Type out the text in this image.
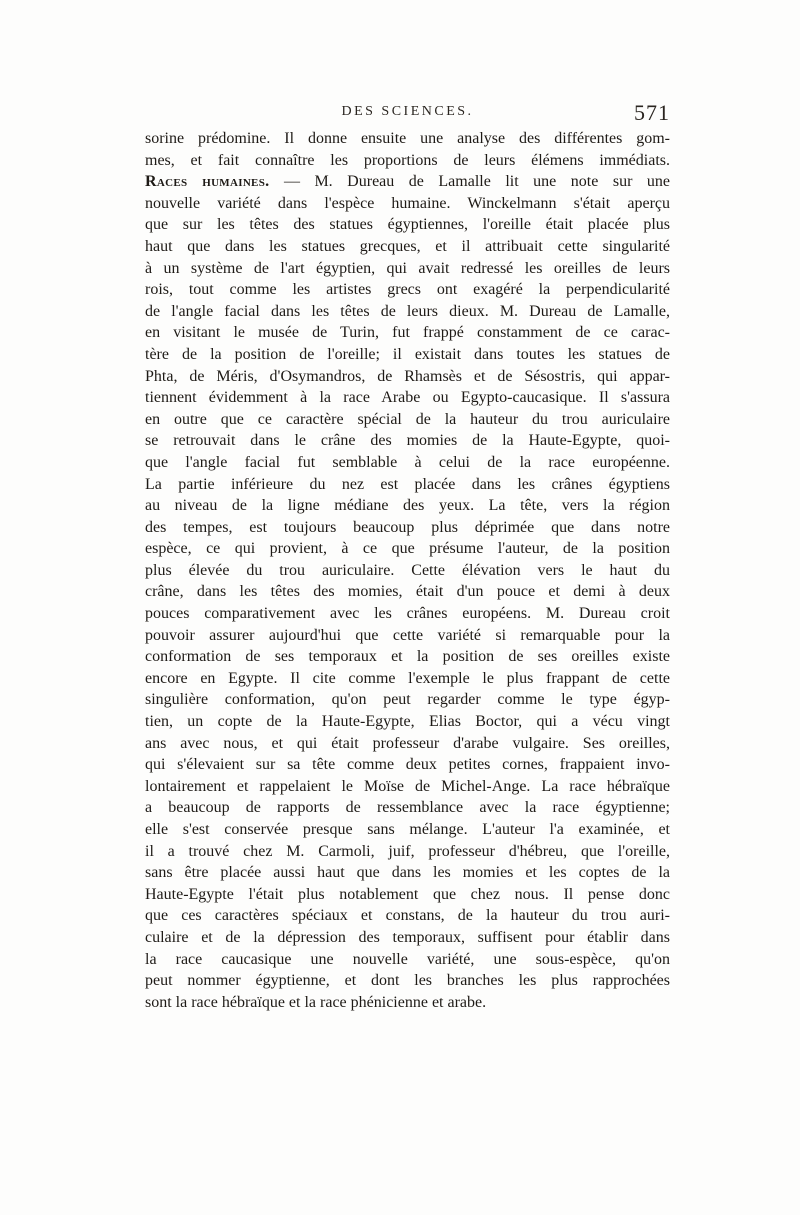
DES SCIENCES.	571
sorine prédomine. Il donne ensuite une analyse des différentes gom-
mes, et fait connaître les proportions de leurs élémens immédiats.
Races humaines. — M. Dureau de Lamalle lit une note sur une
nouvelle variété dans l'espèce humaine. Winckelmann s'était aperçu
que sur les têtes des statues égyptiennes, l'oreille était placée plus
haut que dans les statues grecques, et il attribuait cette singularité
à un système de l'art égyptien, qui avait redressé les oreilles de leurs
rois, tout comme les artistes grecs ont exagéré la perpendicularité
de l'angle facial dans les têtes de leurs dieux. M. Dureau de Lamalle,
en visitant le musée de Turin, fut frappé constamment de ce carac-
tère de la position de l'oreille; il existait dans toutes les statues de
Phta, de Méris, d'Osymandros, de Rhamsès et de Sésostris, qui appar-
tiennent évidemment à la race Arabe ou Egypto-caucasique. Il s'assura
en outre que ce caractère spécial de la hauteur du trou auriculaire
se retrouvait dans le crâne des momies de la Haute-Egypte, quoi-
que l'angle facial fut semblable à celui de la race européenne.
La partie inférieure du nez est placée dans les crânes égyptiens
au niveau de la ligne médiane des yeux. La tête, vers la région
des tempes, est toujours beaucoup plus déprimée que dans notre
espèce, ce qui provient, à ce que présume l'auteur, de la position
plus élevée du trou auriculaire. Cette élévation vers le haut du
crâne, dans les têtes des momies, était d'un pouce et demi à deux
pouces comparativement avec les crânes européens. M. Dureau croit
pouvoir assurer aujourd'hui que cette variété si remarquable pour la
conformation de ses temporaux et la position de ses oreilles existe
encore en Egypte. Il cite comme l'exemple le plus frappant de cette
singulière conformation, qu'on peut regarder comme le type égyp-
tien, un copte de la Haute-Egypte, Elias Boctor, qui a vécu vingt
ans avec nous, et qui était professeur d'arabe vulgaire. Ses oreilles,
qui s'élevaient sur sa tête comme deux petites cornes, frappaient invo-
lontairement et rappelaient le Moïse de Michel-Ange. La race hébraïque
a beaucoup de rapports de ressemblance avec la race égyptienne;
elle s'est conservée presque sans mélange. L'auteur l'a examinée, et
il a trouvé chez M. Carmoli, juif, professeur d'hébreu, que l'oreille,
sans être placée aussi haut que dans les momies et les coptes de la
Haute-Egypte l'était plus notablement que chez nous. Il pense donc
que ces caractères spéciaux et constans, de la hauteur du trou auri-
culaire et de la dépression des temporaux, suffisent pour établir dans
la race caucasique une nouvelle variété, une sous-espèce, qu'on
peut nommer égyptienne, et dont les branches les plus rapprochées
sont la race hébraïque et la race phénicienne et arabe.
